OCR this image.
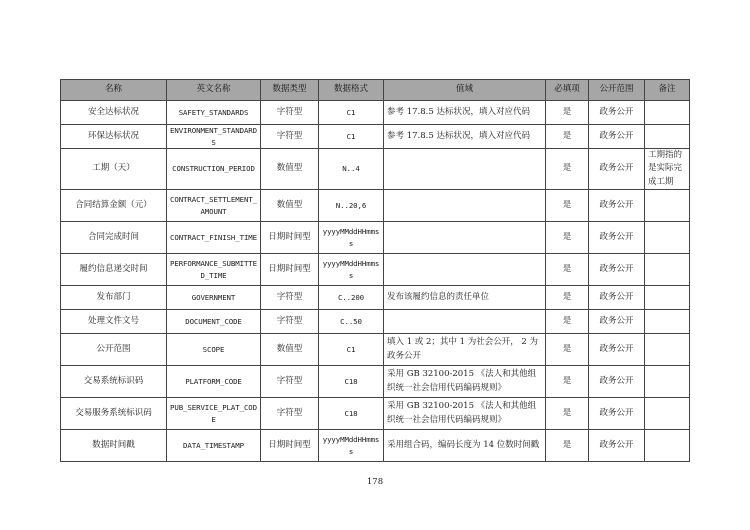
名称	英文名称	数据类型	数据格式	值域	必填项	公开范围	备注
安全达标状况	SAFETY_STANDARDS	字符型	C1	参考 17.8.5 达标状况，填入对应代码	是	政务公开	
环保达标状况	ENVIRONMENT_STANDARDS	字符型	C1	参考 17.8.5 达标状况，填入对应代码	是	政务公开	
工期（天）	CONSTRUCTION_PERIOD	数值型	N..4		是	政务公开	工期指的是实际完成工期
合同结算金额（元）	CONTRACT_SETTLEMENT_AMOUNT	数值型	N..20,6		是	政务公开	
合同完成时间	CONTRACT_FINISH_TIME	日期时间型	yyyyMMddHHmmss		是	政务公开	
履约信息递交时间	PERFORMANCE_SUBMITTED_TIME	日期时间型	yyyyMMddHHmmss		是	政务公开	
发布部门	GOVERNMENT	字符型	C..200	发布该履约信息的责任单位	是	政务公开	
处理文件文号	DOCUMENT_CODE	字符型	C..50		是	政务公开	
公开范围	SCOPE	数值型	C1	填入 1 或 2；其中 1 为社会公开， 2 为政务公开	是	政务公开	
交易系统标识码	PLATFORM_CODE	字符型	C18	采用 GB 32100-2015 《法人和其他组织统一社会信用代码编码规则》	是	政务公开	
交易服务系统标识码	PUB_SERVICE_PLAT_CODE	字符型	C18	采用 GB 32100-2015 《法人和其他组织统一社会信用代码编码规则》	是	政务公开	
数据时间戳	DATA_TIMESTAMP	日期时间型	yyyyMMddHHmmss	采用组合码，编码长度为 14 位数时间戳	是	政务公开	
178
